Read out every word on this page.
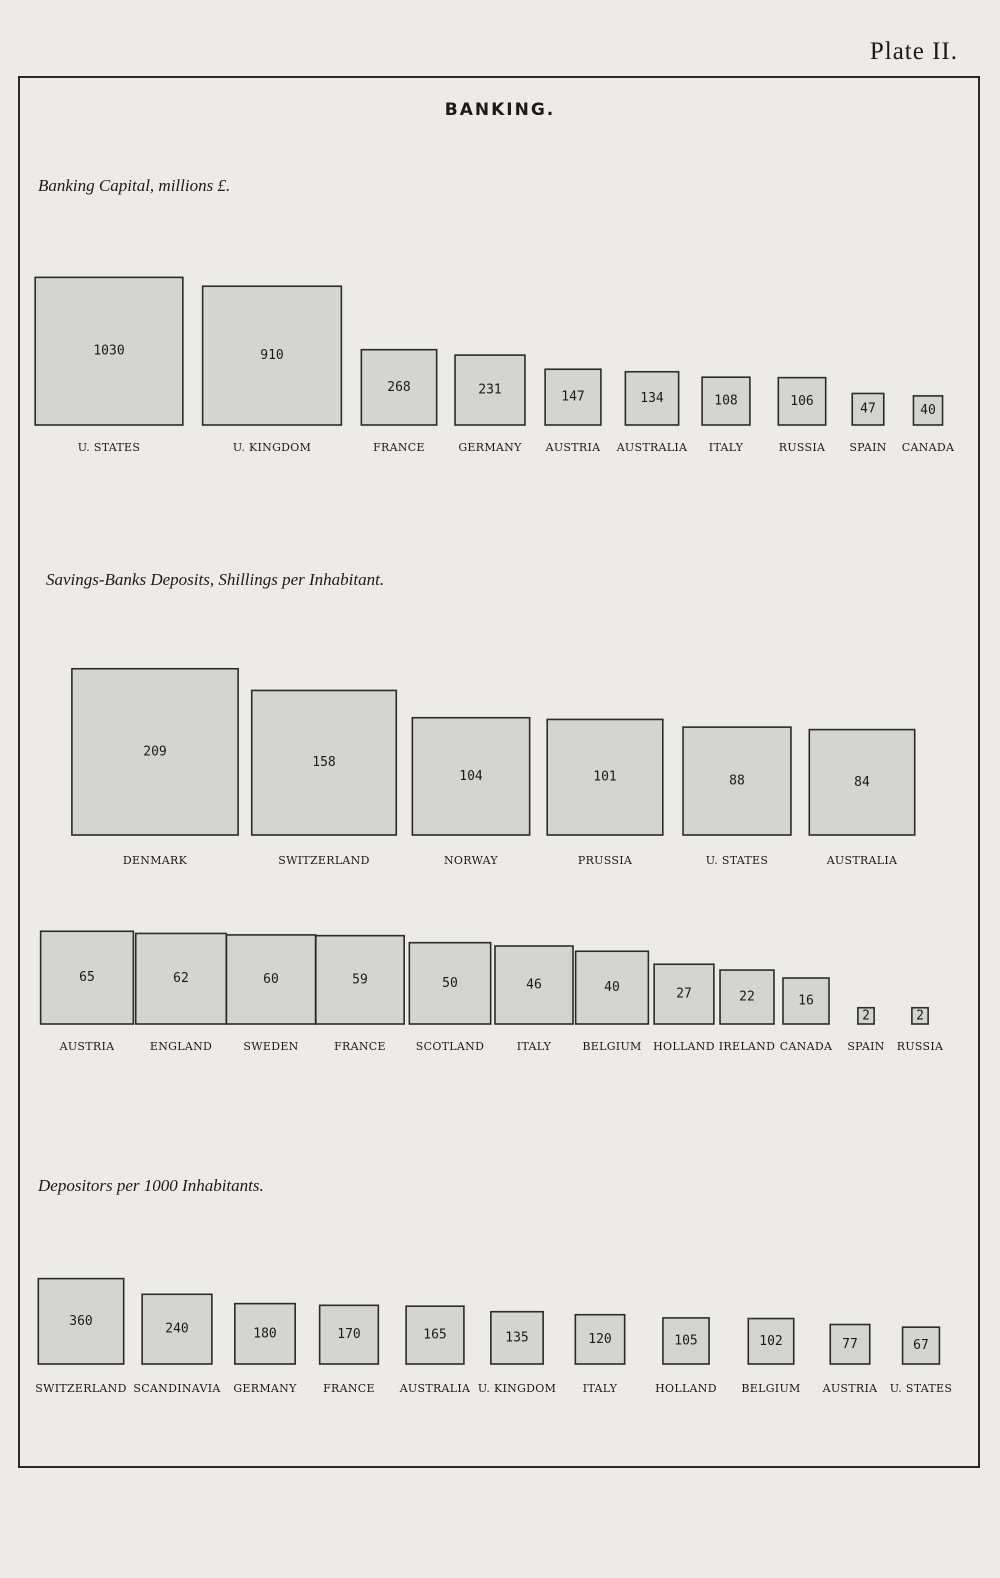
Plate II.
BANKING.
Banking Capital, millions £.
Savings-Banks Deposits, Shillings per Inhabitant.
Depositors per 1000 Inhabitants.
1030
U. STATES
910
U. KINGDOM
268
FRANCE
231
GERMANY
147
AUSTRIA
134
AUSTRALIA
108
ITALY
106
RUSSIA
47
SPAIN
40
CANADA
209
DENMARK
158
SWITZERLAND
104
NORWAY
101
PRUSSIA
88
U. STATES
84
AUSTRALIA
65
AUSTRIA
62
ENGLAND
60
SWEDEN
59
FRANCE
50
SCOTLAND
46
ITALY
40
BELGIUM
27
HOLLAND
22
IRELAND
16
CANADA
2
SPAIN
2
RUSSIA
360
SWITZERLAND
240
SCANDINAVIA
180
GERMANY
170
FRANCE
165
AUSTRALIA
135
U. KINGDOM
120
ITALY
105
HOLLAND
102
BELGIUM
77
AUSTRIA
67
U. STATES
